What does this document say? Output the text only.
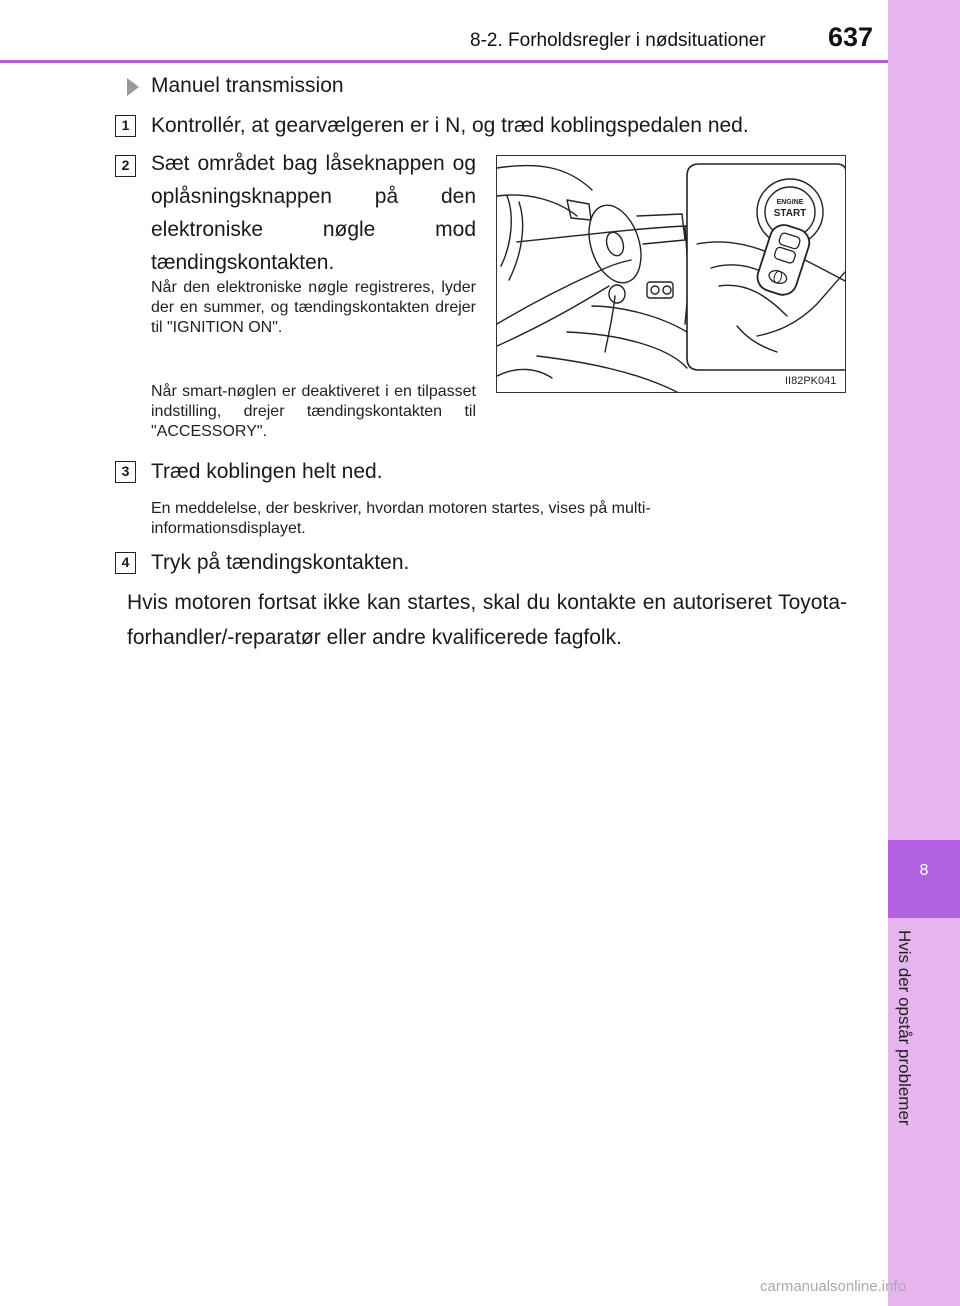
8-2. Forholdsregler i nødsituationer 637
8
Hvis der opstår problemer
Manuel transmission
1	Kontrollér, at gearvælgeren er i N, og træd koblingspedalen ned.
2	Sæt området bag låseknappen og oplåsningsknappen på den elektroniske nøgle mod tændingskontakten.
Når den elektroniske nøgle registreres, lyder der en summer, og tændingskontakten drejer til "IGNITION ON".
Når smart-nøglen er deaktiveret i en tilpasset indstilling, drejer tændingskontakten til "ACCESSORY".
ENGINE
START
II82PK041
3	Træd koblingen helt ned.
En meddelelse, der beskriver, hvordan motoren startes, vises på multi-informationsdisplayet.
4	Tryk på tændingskontakten.
Hvis motoren fortsat ikke kan startes, skal du kontakte en autoriseret Toyota-forhandler/-reparatør eller andre kvalificerede fagfolk.
carmanualsonline.info
